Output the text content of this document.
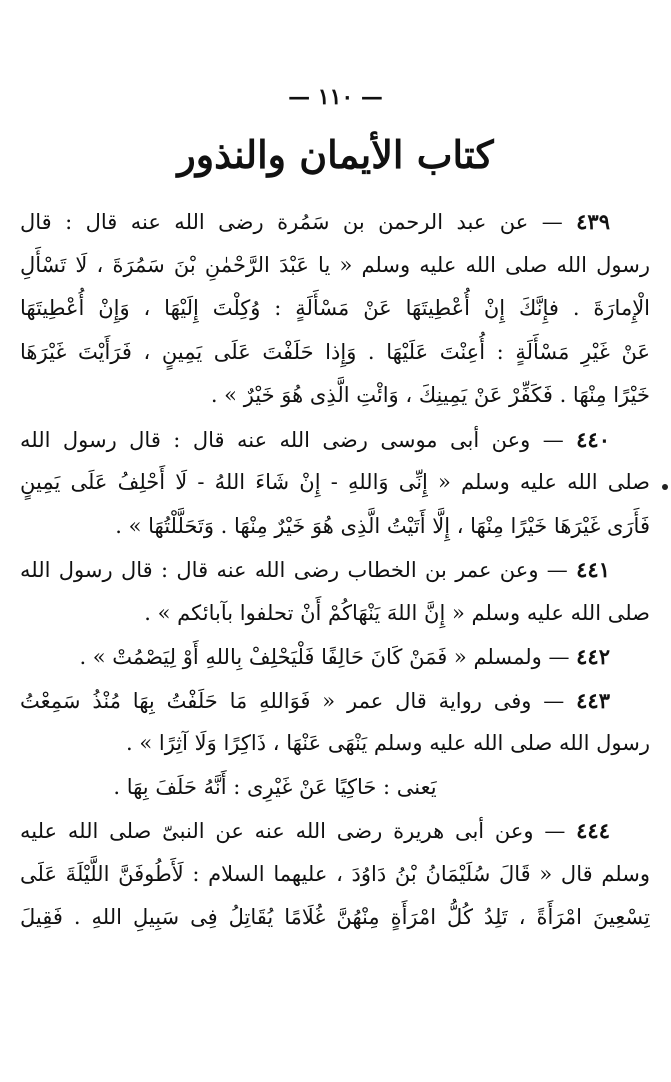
— ١١٠ —
كتاب الأيمان والنذور
٤٣٩ — عن عبد الرحمن بن سَمُرة رضى الله عنه قال : قال
رسول الله صلى الله عليه وسلم « يا عَبْدَ الرَّحْمٰنِ بْنَ سَمُرَةَ ، لَا تَسْأَلِ
الْإِمارَةَ . فإِنَّكَ إِنْ أُعْطِيتَهَا عَنْ مَسْأَلَةٍ : وُكِلْتَ إِلَيْهَا ، وَإِنْ أُعْطِيتَهَا
عَنْ غَيْرِ مَسْأَلَةٍ : أُعِنْتَ عَلَيْهَا . وَإِذا حَلَفْتَ عَلَى يَمِينٍ ، فَرَأَيْتَ غَيْرَهَا
خَيْرًا مِنْهَا . فَكَفِّرْ عَنْ يَمِينِكَ ، وَائْتِ الَّذِى هُوَ خَيْرٌ » .
٤٤٠ — وعن أبى موسى رضى الله عنه قال : قال رسول الله
صلى الله عليه وسلم « إِنِّى وَاللهِ - إِنْ شَاءَ اللهُ - لَا أَحْلِفُ عَلَى يَمِينٍ
فَأَرَى غَيْرَهَا خَيْرًا مِنْهَا ، إِلَّا أَتَيْتُ الَّذِى هُوَ خَيْرٌ مِنْهَا . وَتَحَلَّلْتُهَا » .
٤٤١ — وعن عمر بن الخطاب رضى الله عنه قال : قال رسول الله
صلى الله عليه وسلم « إِنَّ اللهَ يَنْهَاكُمْ أَنْ تحلفوا بآبائكم » .
٤٤٢ — ولمسلم « فَمَنْ كَانَ حَالِفًا فَلْيَحْلِفْ بِاللهِ أَوْ لِيَصْمُتْ » .
٤٤٣ — وفى رواية قال عمر « فَوَاللهِ مَا حَلَفْتُ بِهَا مُنْذُ سَمِعْتُ
رسول الله صلى الله عليه وسلم يَنْهَى عَنْهَا ، ذَاكِرًا وَلَا آثِرًا » .
يَعنى : حَاكِيًا عَنْ غَيْرِى : أَنَّهُ حَلَفَ بِهَا .
٤٤٤ — وعن أبى هريرة رضى الله عنه عن النبىّ صلى الله عليه
وسلم قال « قَالَ سُلَيْمَانُ بْنُ دَاوُدَ ، عليهما السلام : لَأَطُوفَنَّ اللَّيْلَةَ عَلَى
تِسْعِينَ امْرَأَةً ، تَلِدُ كُلُّ امْرَأَةٍ مِنْهُنَّ غُلَامًا يُقَاتِلُ فِى سَبِيلِ اللهِ . فَقِيلَ
